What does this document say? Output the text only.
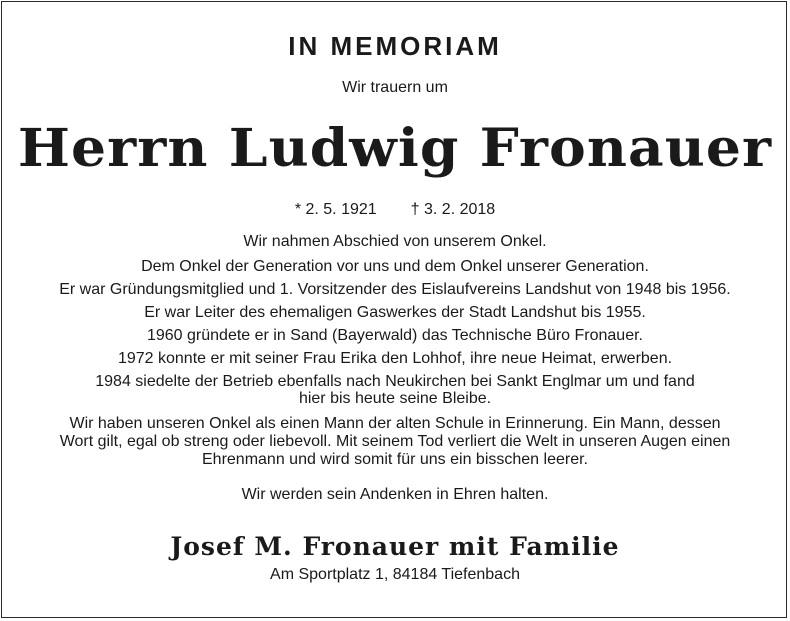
IN MEMORIAM
Wir trauern um
Herrn Ludwig Fronauer
* 2. 5. 1921 † 3. 2. 2018
Wir nahmen Abschied von unserem Onkel.
Dem Onkel der Generation vor uns und dem Onkel unserer Generation.
Er war Gründungsmitglied und 1. Vorsitzender des Eislaufvereins Landshut von 1948 bis 1956.
Er war Leiter des ehemaligen Gaswerkes der Stadt Landshut bis 1955.
1960 gründete er in Sand (Bayerwald) das Technische Büro Fronauer.
1972 konnte er mit seiner Frau Erika den Lohhof, ihre neue Heimat, erwerben.
1984 siedelte der Betrieb ebenfalls nach Neukirchen bei Sankt Englmar um und fand
hier bis heute seine Bleibe.
Wir haben unseren Onkel als einen Mann der alten Schule in Erinnerung. Ein Mann, dessen
Wort gilt, egal ob streng oder liebevoll. Mit seinem Tod verliert die Welt in unseren Augen einen
Ehrenmann und wird somit für uns ein bisschen leerer.
Wir werden sein Andenken in Ehren halten.
Josef M. Fronauer mit Familie
Am Sportplatz 1, 84184 Tiefenbach
